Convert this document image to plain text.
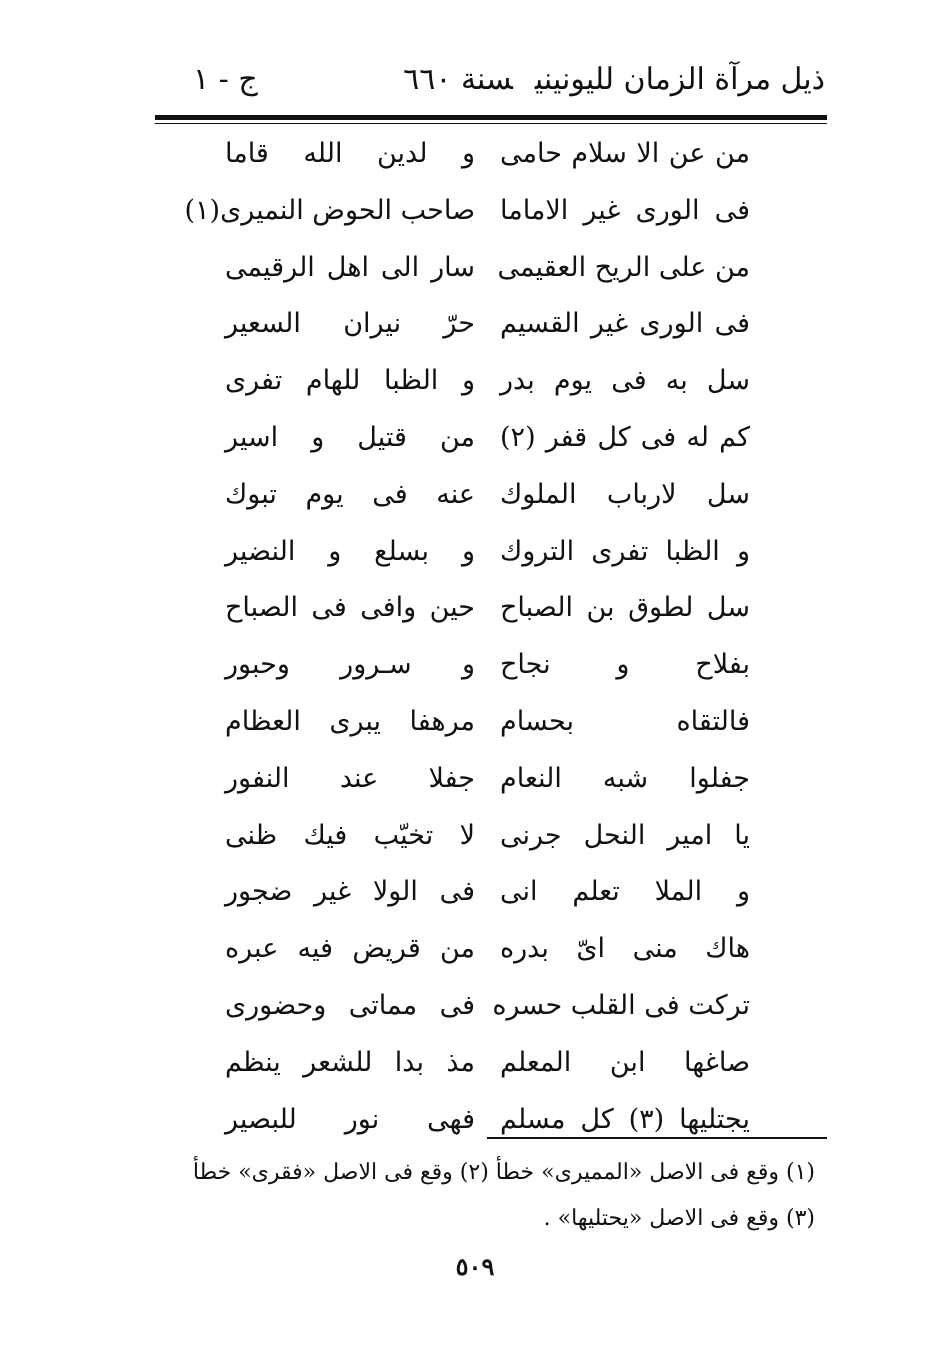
ذيل مرآة الزمان لليونينيسنة ٦٦٠
ج - ١
من عن الا سلام حامى
و لدين الله قاما
فى الورى غير الاماما
صاحب الحوض النميرى(١)
من على الريح العقيمى
سار الى اهل الرقيمى
فى الورى غير القسيم
حرّ نيران السعير
سل به فى يوم بدر
و الظبا للهام تفرى
كم له فى كل قفر (٢)
من قتيل و اسير
سل لارباب الملوك
عنه فى يوم تبوك
و الظبا تفرى التروك
و بسلع و النضير
سل لطوق بن الصباح
حين وافى فى الصباح
بفلاح و نجاح
و سـرور وحبور
فالتقاه بحسام
مرهفا يبرى العظام
جفلوا شبه النعام
جفلا عند النفور
يا امير النحل جرنى
لا تخيّب فيك ظنى
و الملا تعلم انى
فى الولا غير ضجور
هاك منى اىّ بدره
من قريض فيه عبره
تركت فى القلب حسره
فى مماتى وحضورى
صاغها ابن المعلم
مذ بدا للشعر ينظم
يجتليها (٣) كل مسلم
فهى نور للبصير
(١) وقع فى الاصل «المميرى» خطأ (٢) وقع فى الاصل «فقرى» خطأ (٣) وقع فى الاصل «يحتليها» .
٥٠٩
